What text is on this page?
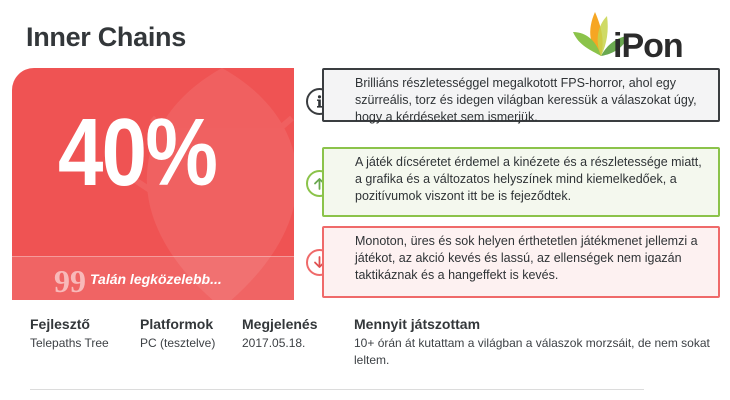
Inner Chains	iPon
40%
99 Talán legközelebb...
Brilliáns részletességgel megalkotott FPS-horror, ahol egy szürreális, torz és idegen világban keressük a válaszokat úgy, hogy a kérdéseket sem ismerjük.
A játék dícséretet érdemel a kinézete és a részletessége miatt, a grafika és a változatos helyszínek mind kiemelkedőek, a pozitívumok viszont itt be is fejeződtek.
Monoton, üres és sok helyen érthetetlen játékmenet jellemzi a játékot, az akció kevés és lassú, az ellenségek nem igazán taktikáznak és a hangeffekt is kevés.
Fejlesztő
Telepaths Tree
Platformok
PC (tesztelve)
Megjelenés
2017.05.18.
Mennyit játszottam
10+ órán át kutattam a világban a válaszok morzsáit, de nem sokat leltem.
